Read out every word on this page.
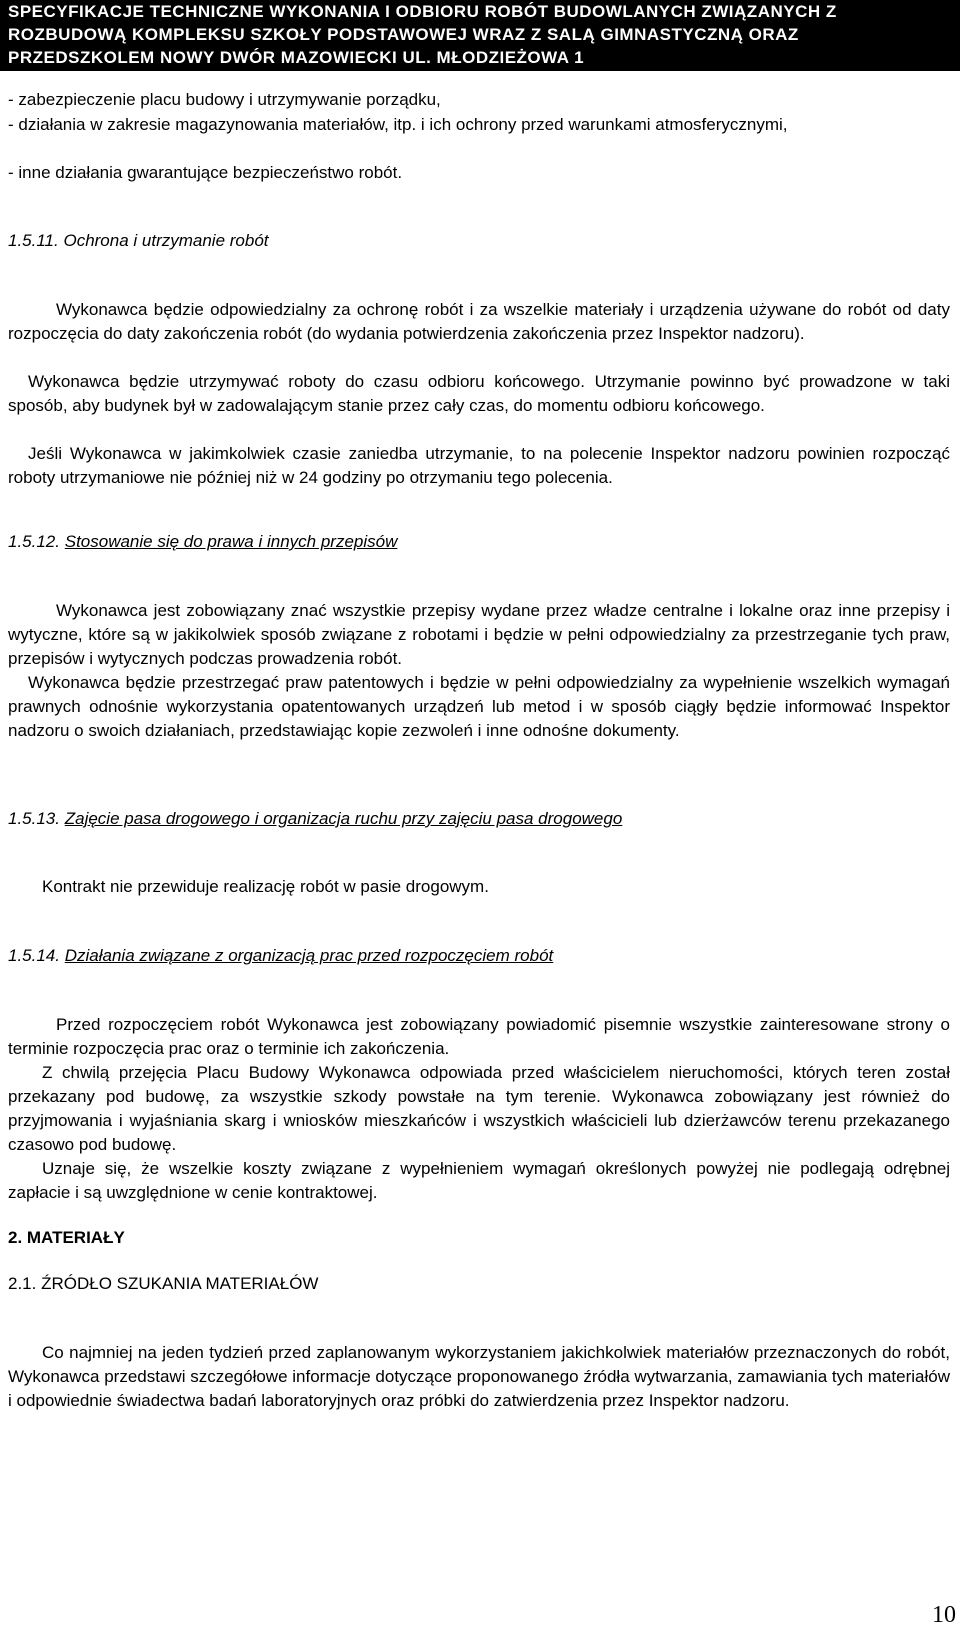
SPECYFIKACJE TECHNICZNE WYKONANIA I ODBIORU ROBÓT BUDOWLANYCH ZWIĄZANYCH Z
ROZBUDOWĄ KOMPLEKSU SZKOŁY PODSTAWOWEJ WRAZ Z SALĄ GIMNASTYCZNĄ ORAZ
PRZEDSZKOLEM NOWY DWÓR MAZOWIECKI UL. MŁODZIEŻOWA 1
- zabezpieczenie placu budowy i utrzymywanie porządku,
- działania w zakresie magazynowania materiałów, itp. i ich ochrony przed warunkami atmosferycznymi,
- inne działania gwarantujące bezpieczeństwo robót.
1.5.11. Ochrona i utrzymanie robót
Wykonawca będzie odpowiedzialny za ochronę robót i za wszelkie materiały i urządzenia używane do robót od daty rozpoczęcia do daty zakończenia robót (do wydania potwierdzenia zakończenia przez Inspektor nadzoru).
Wykonawca będzie utrzymywać roboty do czasu odbioru końcowego. Utrzymanie powinno być prowadzone w taki sposób, aby budynek był w zadowalającym stanie przez cały czas, do momentu odbioru końcowego.
Jeśli Wykonawca w jakimkolwiek czasie zaniedba utrzymanie, to na polecenie Inspektor nadzoru powinien rozpocząć roboty utrzymaniowe nie później niż w 24 godziny po otrzymaniu tego polecenia.
1.5.12. Stosowanie się do prawa i innych przepisów
Wykonawca jest zobowiązany znać wszystkie przepisy wydane przez władze centralne i lokalne oraz inne przepisy i wytyczne, które są w jakikolwiek sposób związane z robotami i będzie w pełni odpowiedzialny za przestrzeganie tych praw, przepisów i wytycznych podczas prowadzenia robót.
Wykonawca będzie przestrzegać praw patentowych i będzie w pełni odpowiedzialny za wypełnienie wszelkich wymagań prawnych odnośnie wykorzystania opatentowanych urządzeń lub metod i w sposób ciągły będzie informować Inspektor nadzoru o swoich działaniach, przedstawiając kopie zezwoleń i inne odnośne dokumenty.
1.5.13. Zajęcie pasa drogowego i organizacja ruchu przy zajęciu pasa drogowego
Kontrakt nie przewiduje realizację robót w pasie drogowym.
1.5.14. Działania związane z organizacją prac przed rozpoczęciem robót
Przed rozpoczęciem robót Wykonawca jest zobowiązany powiadomić pisemnie wszystkie zainteresowane strony o terminie rozpoczęcia prac oraz o terminie ich zakończenia.
Z chwilą przejęcia Placu Budowy Wykonawca odpowiada przed właścicielem nieruchomości, których teren został przekazany pod budowę, za wszystkie szkody powstałe na tym terenie. Wykonawca zobowiązany jest również do przyjmowania i wyjaśniania skarg i wniosków mieszkańców i wszystkich właścicieli lub dzierżawców terenu przekazanego czasowo pod budowę.
Uznaje się, że wszelkie koszty związane z wypełnieniem wymagań określonych powyżej nie podlegają odrębnej zapłacie i są uwzględnione w cenie kontraktowej.
2. MATERIAŁY
2.1. ŹRÓDŁO SZUKANIA MATERIAŁÓW
Co najmniej na jeden tydzień przed zaplanowanym wykorzystaniem jakichkolwiek materiałów przeznaczonych do robót, Wykonawca przedstawi szczegółowe informacje dotyczące proponowanego źródła wytwarzania, zamawiania tych materiałów i odpowiednie świadectwa badań laboratoryjnych oraz próbki do zatwierdzenia przez Inspektor nadzoru.
10
